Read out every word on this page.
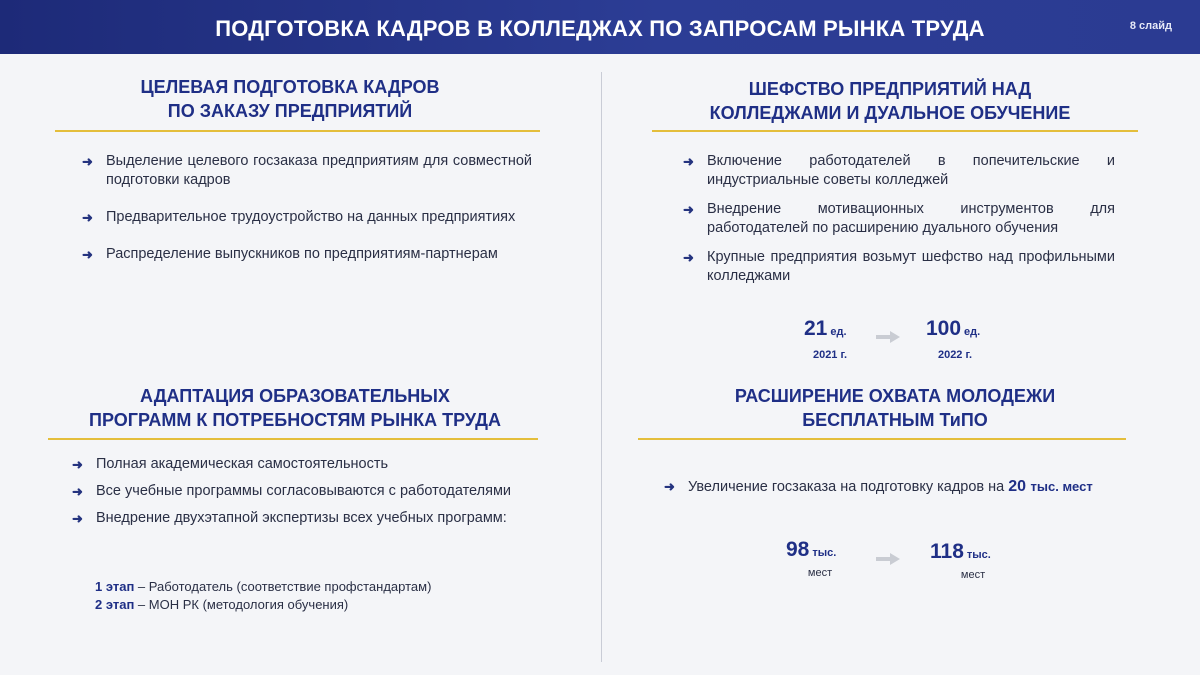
ПОДГОТОВКА КАДРОВ В КОЛЛЕДЖАХ ПО ЗАПРОСАМ РЫНКА ТРУДА	8 слайд
ЦЕЛЕВАЯ ПОДГОТОВКА КАДРОВ
ПО ЗАКАЗУ ПРЕДПРИЯТИЙ
➜ Выделение целевого госзаказа предприятиям для совместной подготовки кадров
➜ Предварительное трудоустройство на данных предприятиях
➜ Распределение выпускников по предприятиям-партнерам
АДАПТАЦИЯ ОБРАЗОВАТЕЛЬНЫХ
ПРОГРАММ К ПОТРЕБНОСТЯМ РЫНКА ТРУДА
➜ Полная академическая самостоятельность
➜ Все учебные программы согласовываются с работодателями
➜ Внедрение двухэтапной экспертизы всех учебных программ:
1 этап – Работодатель (соответствие профстандартам)
2 этап – МОН РК (методология обучения)
ШЕФСТВО ПРЕДПРИЯТИЙ НАД
КОЛЛЕДЖАМИ И ДУАЛЬНОЕ ОБУЧЕНИЕ
➜ Включение работодателей в попечительские и индустриальные советы колледжей
➜ Внедрение мотивационных инструментов для работодателей по расширению дуального обучения
➜ Крупные предприятия возьмут шефство над профильными колледжами
21 ед.
2021 г.
100 ед.
2022 г.
РАСШИРЕНИЕ ОХВАТА МОЛОДЕЖИ
БЕСПЛАТНЫМ ТиПО
➜ Увеличение госзаказа на подготовку кадров на 20 тыс. мест
98 тыс.
мест
118 тыс.
мест
